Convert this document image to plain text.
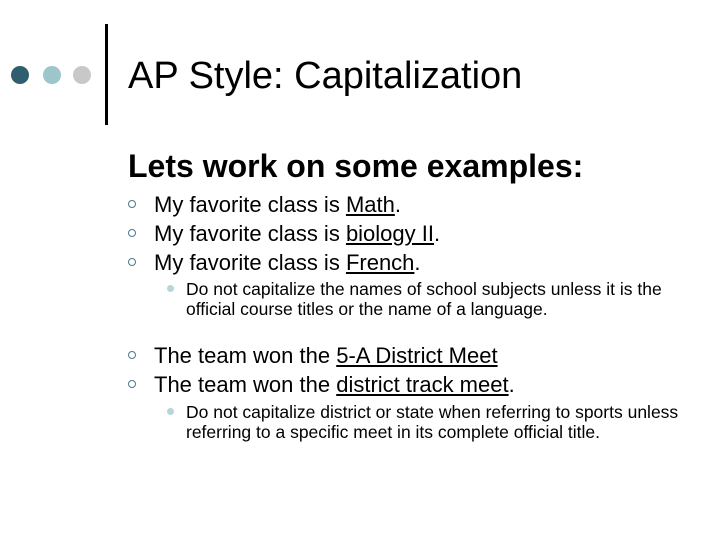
AP Style: Capitalization
Lets work on some examples:
My favorite class is Math.
My favorite class is biology II.
My favorite class is French.
Do not capitalize the names of school subjects unless it is the official course titles or the name of a language.
The team won the 5-A District Meet
The team won the district track meet.
Do not capitalize district or state when referring to sports unless referring to a specific meet in its complete official title.
